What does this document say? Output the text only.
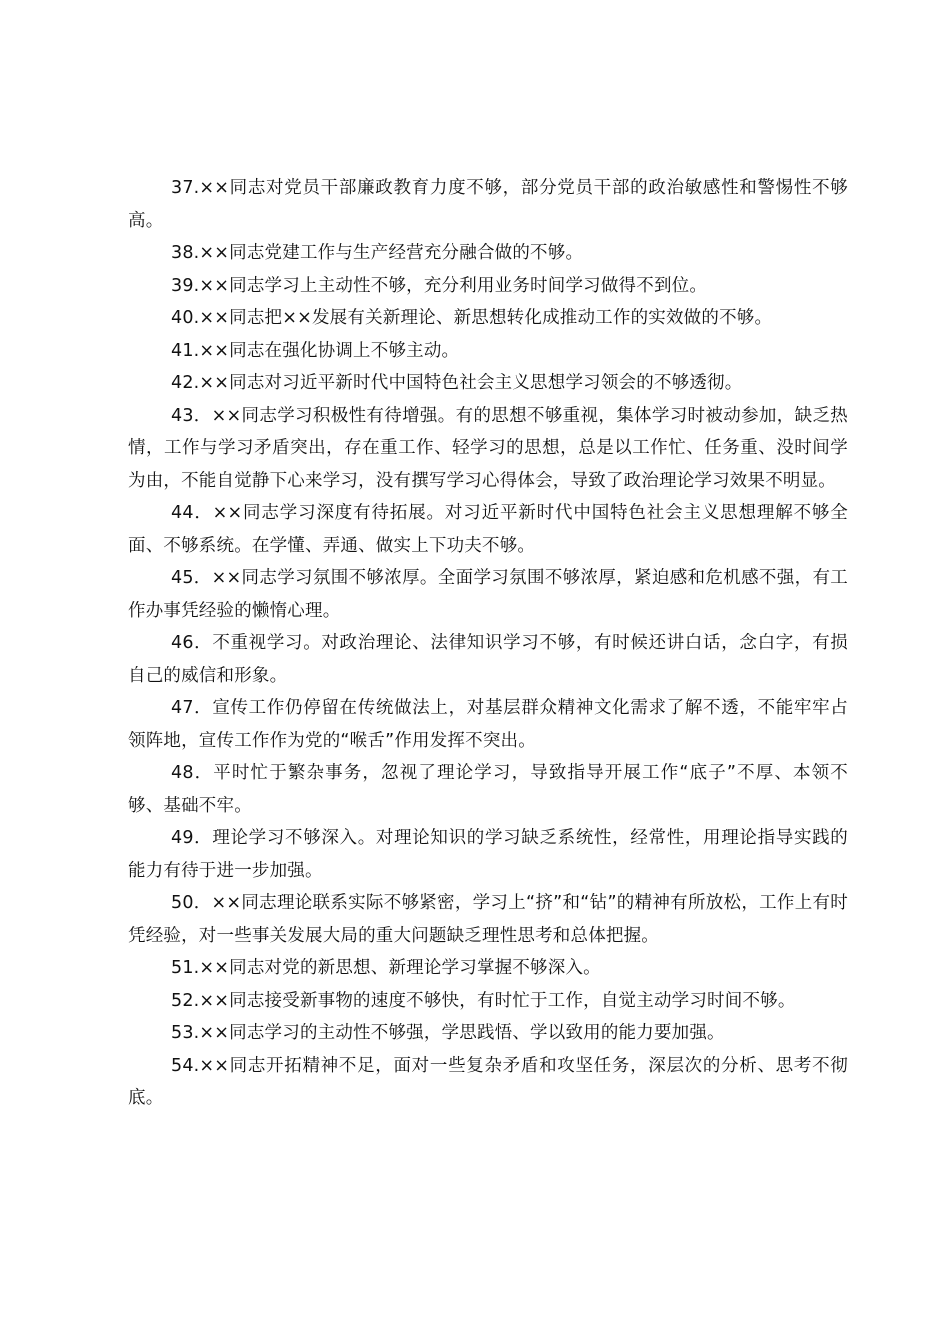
37.××同志对党员干部廉政教育力度不够，部分党员干部的政治敏感性和警惕性不够高。

38.××同志党建工作与生产经营充分融合做的不够。

39.××同志学习上主动性不够，充分利用业务时间学习做得不到位。

40.××同志把××发展有关新理论、新思想转化成推动工作的实效做的不够。

41.××同志在强化协调上不够主动。

42.××同志对习近平新时代中国特色社会主义思想学习领会的不够透彻。

43．××同志学习积极性有待增强。有的思想不够重视，集体学习时被动参加，缺乏热情，工作与学习矛盾突出，存在重工作、轻学习的思想，总是以工作忙、任务重、没时间学为由，不能自觉静下心来学习，没有撰写学习心得体会，导致了政治理论学习效果不明显。

44．××同志学习深度有待拓展。对习近平新时代中国特色社会主义思想理解不够全面、不够系统。在学懂、弄通、做实上下功夫不够。

45．××同志学习氛围不够浓厚。全面学习氛围不够浓厚，紧迫感和危机感不强，有工作办事凭经验的懒惰心理。

46．不重视学习。对政治理论、法律知识学习不够，有时候还讲白话，念白字，有损自己的威信和形象。

47．宣传工作仍停留在传统做法上，对基层群众精神文化需求了解不透，不能牢牢占领阵地，宣传工作作为党的“喉舌”作用发挥不突出。

48．平时忙于繁杂事务，忽视了理论学习，导致指导开展工作“底子”不厚、本领不够、基础不牢。

49．理论学习不够深入。对理论知识的学习缺乏系统性，经常性，用理论指导实践的能力有待于进一步加强。

50．××同志理论联系实际不够紧密，学习上“挤”和“钻”的精神有所放松，工作上有时凭经验，对一些事关发展大局的重大问题缺乏理性思考和总体把握。

51.××同志对党的新思想、新理论学习掌握不够深入。

52.××同志接受新事物的速度不够快，有时忙于工作，自觉主动学习时间不够。

53.××同志学习的主动性不够强，学思践悟、学以致用的能力要加强。

54.××同志开拓精神不足，面对一些复杂矛盾和攻坚任务，深层次的分析、思考不彻底。
